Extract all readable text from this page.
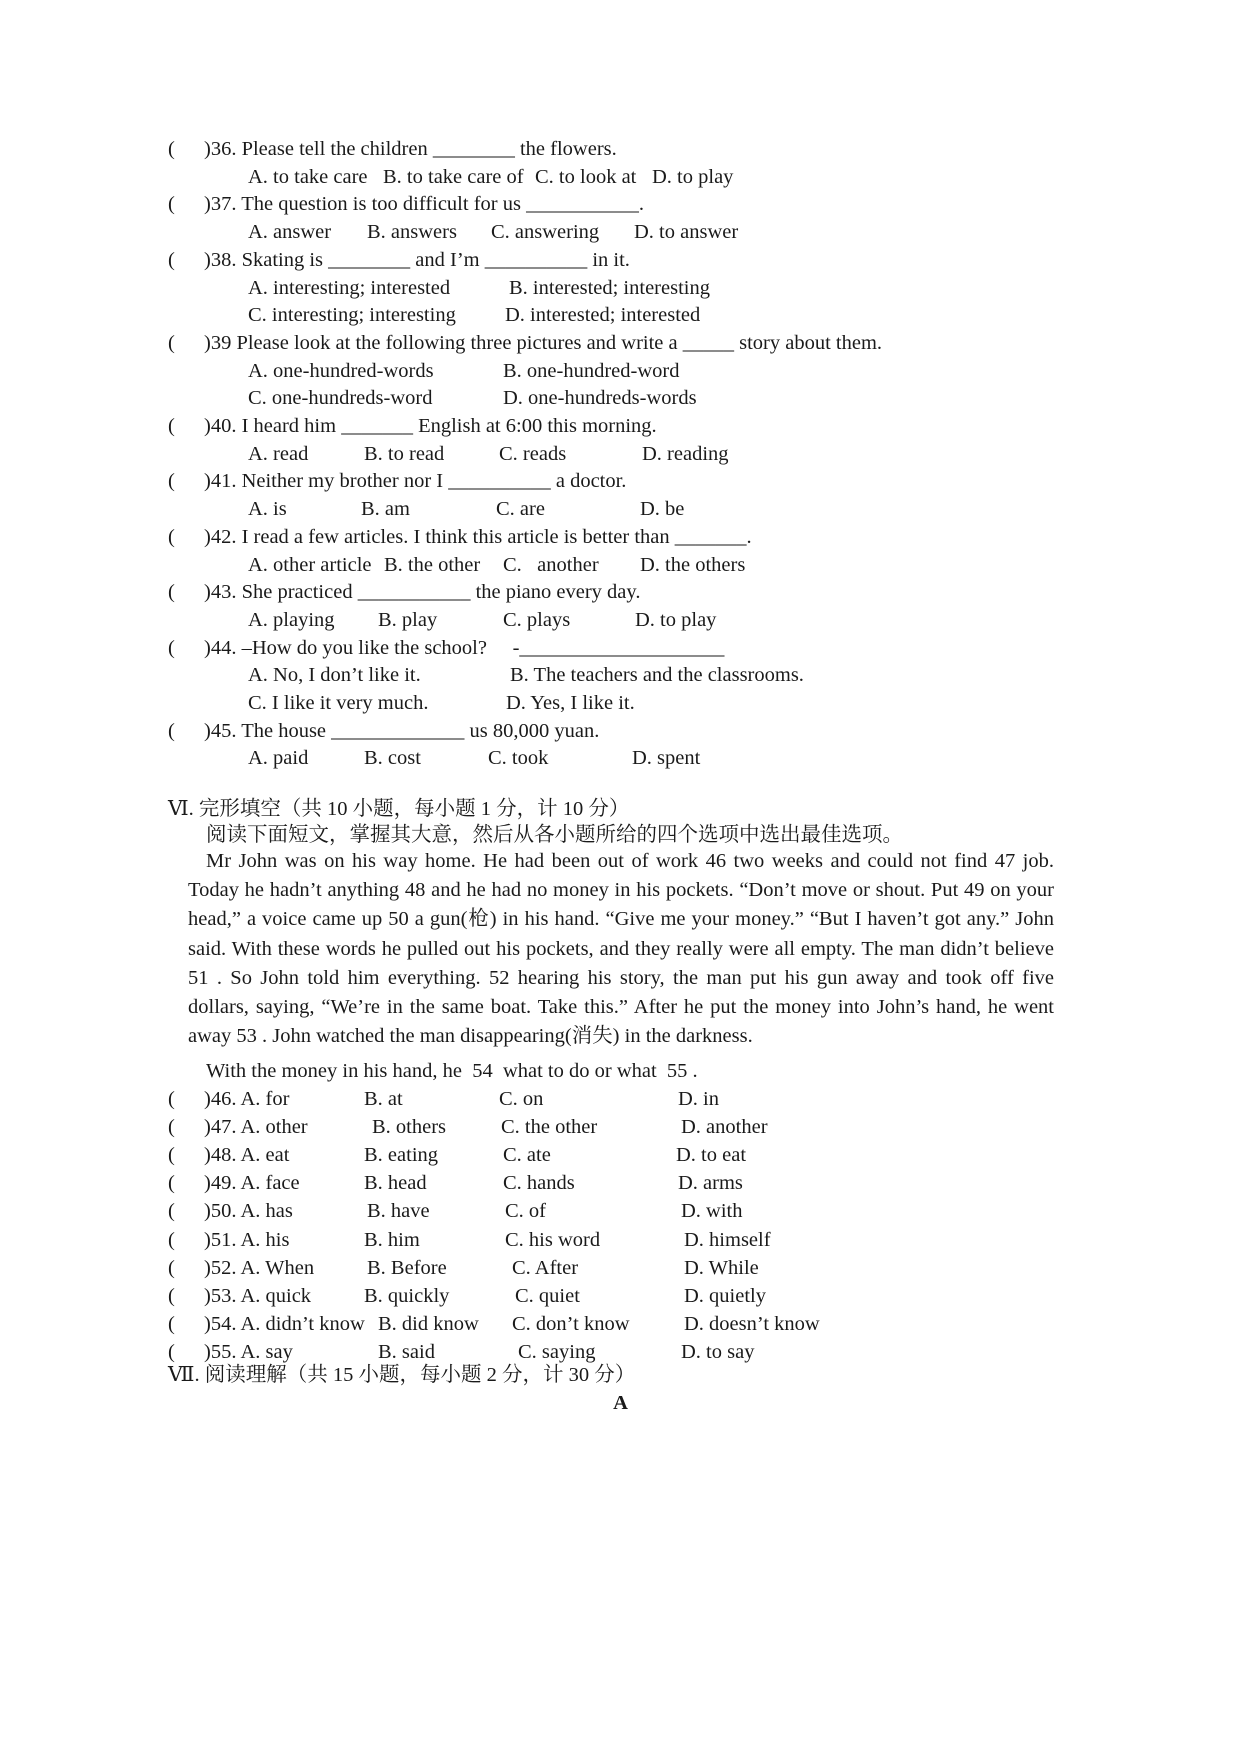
( )36. Please tell the children ________ the flowers.
A. to take care B. to take care of C. to look at D. to play
( )37. The question is too difficult for us ___________.
A. answer B. answers C. answering D. to answer
( )38. Skating is ________ and I’m __________ in it.
A. interesting; interested	B. interested; interesting
C. interesting; interesting D. interested; interested
( )39 Please look at the following three pictures and write a _____ story about them.
A. one-hundred-words	B. one-hundred-word
C. one-hundreds-word	D. one-hundreds-words
( )40. I heard him _______ English at 6:00 this morning.
A. read	B. to read	C. reads	D. reading
( )41. Neither my brother nor I __________ a doctor.
A. is	B. am	C. are	D. be
( )42. I read a few articles. I think this article is better than _______.
A. other article B. the other C.   another D. the others
( )43. She practiced ___________ the piano every day.
A. playing B. play	C. plays	D. to play
( )44. –How do you like the school?     -____________________
A. No, I don’t like it.	B. The teachers and the classrooms.
C. I like it very much.	D. Yes, I like it.
( )45. The house _____________ us 80,000 yuan.
A. paid	B. cost	C. took	D. spent
Ⅵ. 完形填空（共 10 小题，每小题 1 分，计 10 分）
阅读下面短文，掌握其大意，然后从各小题所给的四个选项中选出最佳选项。

Mr John was on his way home. He had been out of work 46 two weeks and could not find 47 job. Today he hadn’t anything 48 and he had no money in his pockets. “Don’t move or shout. Put 49 on your head,” a voice came up 50 a gun(枪) in his hand. “Give me your money.” “But I haven’t got any.” John said. With these words he pulled out his pockets, and they really were all empty. The man didn’t believe 51 . So John told him everything. 52 hearing his story, the man put his gun away and took off five dollars, saying, “We’re in the same boat. Take this.” After he put the money into John’s hand, he went away 53 . John watched the man disappearing(消失) in the darkness.

With the money in his hand, he  54  what to do or what  55 .
( )46. A. for	B. at	C. on	D. in
( )47. A. other	B. others	C. the other	D. another
( )48. A. eat	B. eating	C. ate	D. to eat
( )49. A. face	B. head	C. hands	D. arms
( )50. A. has	B. have	C. of	D. with
( )51. A. his	B. him	C. his word	D. himself
( )52. A. When	B. Before	C. After	D. While
( )53. A. quick	B. quickly	C. quiet	D. quietly
( )54. A. didn’t know B. did know C. don’t know	D. doesn’t know
( )55. A. say	B. said	C. saying	D. to say
Ⅶ. 阅读理解（共 15 小题，每小题 2 分，计 30 分）
A
